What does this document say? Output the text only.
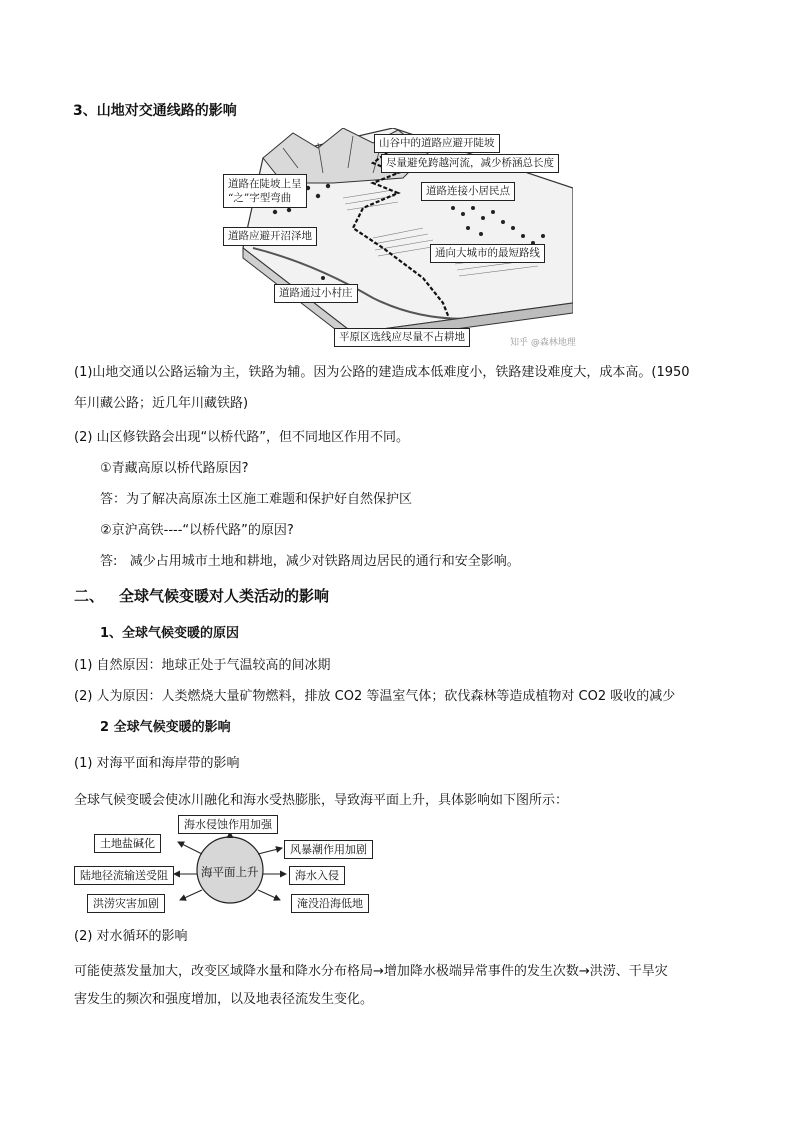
3、山地对交通线路的影响
山谷中的道路应避开陡坡
尽量避免跨越河流，减少桥涵总长度
道路在陡坡上呈
“之”字型弯曲
道路连接小居民点
道路应避开沼泽地
通向大城市的最短路线
道路通过小村庄
平原区选线应尽量不占耕地	知乎 @森林地理
(1)山地交通以公路运输为主，铁路为辅。因为公路的建造成本低难度小，铁路建设难度大，成本高。(1950
年川藏公路；近几年川藏铁路)
(2) 山区修铁路会出现“以桥代路”，但不同地区作用不同。
①青藏高原以桥代路原因?
答：为了解决高原冻土区施工难题和保护好自然保护区
②京沪高铁----“以桥代路”的原因?
答:   减少占用城市土地和耕地，减少对铁路周边居民的通行和安全影响。
二、 全球气候变暖对人类活动的影响
1、全球气候变暖的原因
(1) 自然原因：地球正处于气温较高的间冰期
(2) 人为原因：人类燃烧大量矿物燃料，排放 CO2 等温室气体；砍伐森林等造成植物对 CO2 吸收的减少
2 全球气候变暖的影响
(1) 对海平面和海岸带的影响
全球气候变暖会使冰川融化和海水受热膨胀，导致海平面上升，具体影响如下图所示：
海平面上升
海水侵蚀作用加强
土地盐碱化
陆地径流输送受阻
洪涝灾害加剧
风暴潮作用加剧
海水入侵
淹没沿海低地
(2) 对水循环的影响
可能使蒸发量加大，改变区域降水量和降水分布格局→增加降水极端异常事件的发生次数→洪涝、干旱灾
害发生的频次和强度增加，以及地表径流发生变化。
